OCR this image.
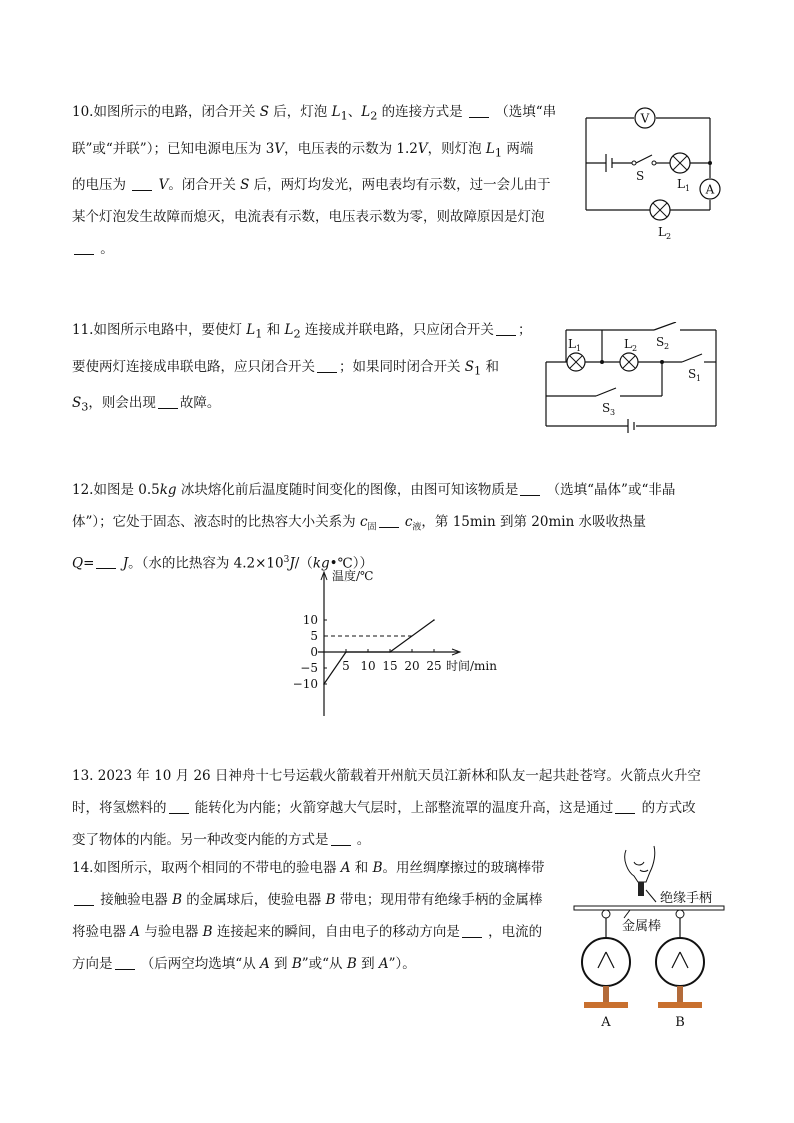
10.如图所示的电路，闭合开关 S 后，灯泡 $L_1$、$L_2$ 的连接方式是  （选填“串
联”或“并联”）；已知电源电压为 3V，电压表的示数为 1.2V，则灯泡 $L_1$ 两端
的电压为  V。闭合开关 S 后，两灯均发光，两电表均有示数，过一会儿由于
某个灯泡发生故障而熄灭，电流表有示数，电压表示数为零，则故障原因是灯泡
。
V
S
L 1 A
L 2
11.如图所示电路中，要使灯 $L_1$ 和 $L_2$ 连接成并联电路，只应闭合开关 ；
要使两灯连接成串联电路，应只闭合开关 ；如果同时闭合开关 $S_1$ 和
$S_3$，则会出现 故障。
L 1	L 2 S 2
S 1
S 3
12.如图是 0.5kg 冰块熔化前后温度随时间变化的图像，由图可知该物质是 （选填“晶体”或“非晶
体”）；它处于固态、液态时的比热容大小关系为 $c_固$ $c_液$，第 15min 到第 20min 水吸收热量
Q= J。（水的比热容为 $4.2\times 10^3J/(kg•℃)$）
温度/℃
时间/min
5 10 15 20 25
10
5
0
−5
−10
13. 2023 年 10 月 26 日神舟十七号运载火箭载着开州航天员江新林和队友一起共赴苍穹。火箭点火升空
时，将氢燃料的 能转化为内能；火箭穿越大气层时，上部整流罩的温度升高，这是通过 的方式改
变了物体的内能。另一种改变内能的方式是 。
14.如图所示，取两个相同的不带电的验电器 A 和 B。用丝绸摩擦过的玻璃棒带
接触验电器 B 的金属球后，使验电器 B 带电；现用带有绝缘手柄的金属棒
将验电器 A 与验电器 B 连接起来的瞬间，自由电子的移动方向是 ，电流的
方向是 （后两空均选填“从 A 到 B”或“从 B 到 A”）。
绝缘手柄
金属棒
A	B
